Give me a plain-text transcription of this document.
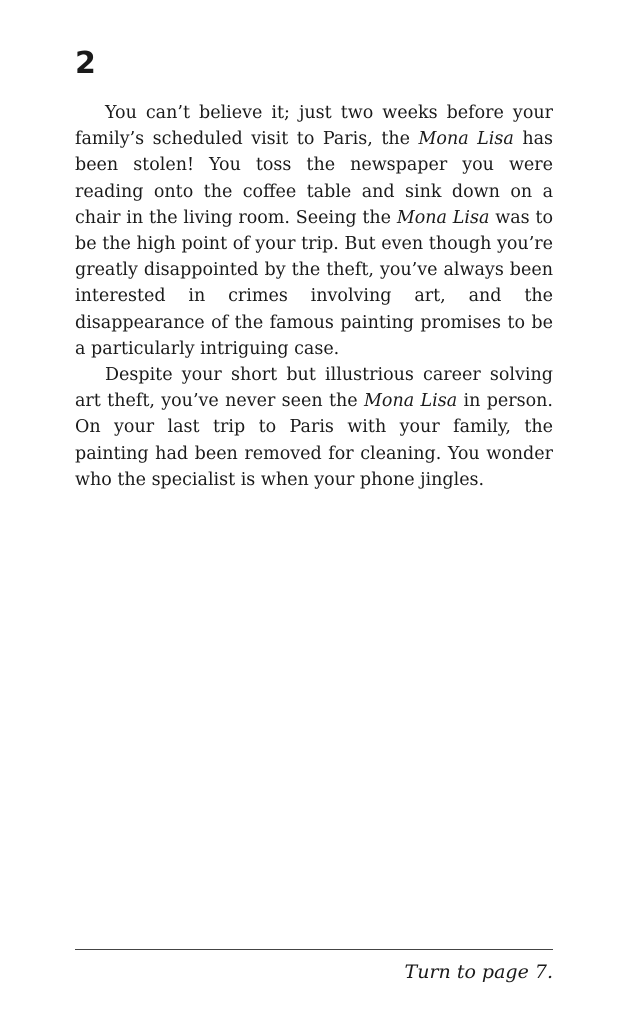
2

You can’t believe it; just two weeks before your family’s scheduled visit to Paris, the Mona Lisa has been stolen! You toss the newspaper you were reading onto the coffee table and sink down on a chair in the living room. Seeing the Mona Lisa was to be the high point of your trip. But even though you’re greatly disappointed by the theft, you’ve always been interested in crimes involving art, and the disappearance of the famous painting promises to be a particularly intriguing case.

Despite your short but illustrious career solving art theft, you’ve never seen the Mona Lisa in person. On your last trip to Paris with your family, the painting had been removed for cleaning. You wonder who the specialist is when your phone jingles.

Turn to page 7.
